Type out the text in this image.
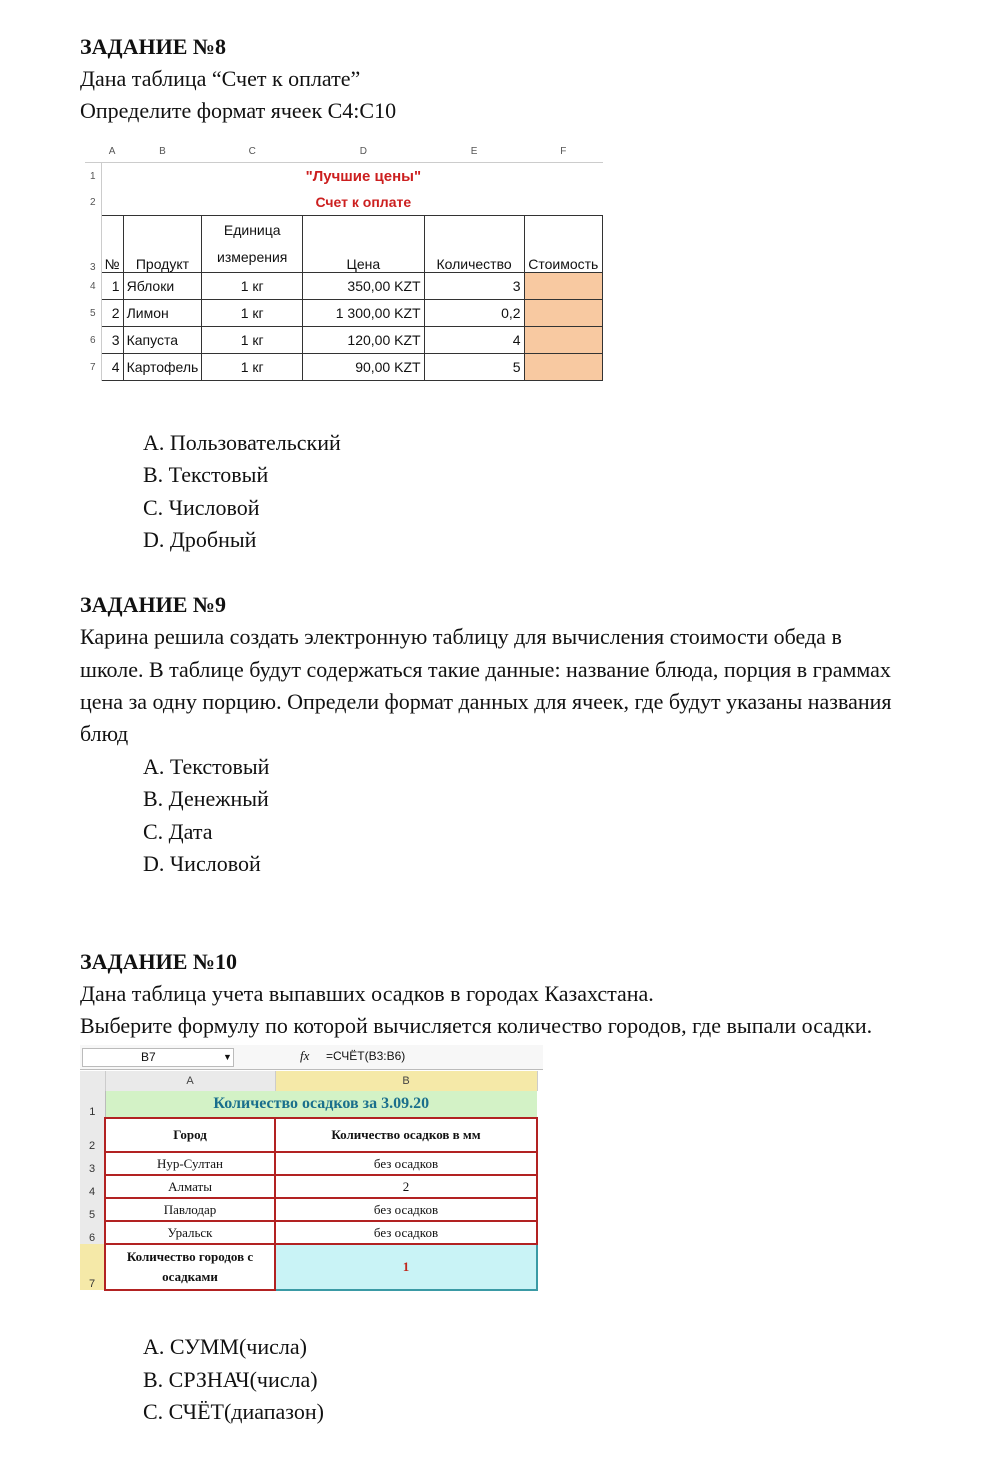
ЗАДАНИЕ №8
Дана таблица “Счет к оплате”
Определите формат ячеек С4:С10
	A	B	C	D	E	F
1				"Лучшие цены"		
2				Счет к оплате		
3	№	Продукт	Единица
измерения	Цена	Количество	Стоимость
4	1	Яблоки	1 кг	350,00 KZT	3	
5	2	Лимон	1 кг	1 300,00 KZT	0,2	
6	3	Капуста	1 кг	120,00 KZT	4	
7	4	Картофель	1 кг	90,00 KZT	5	
A. Пользовательский
B. Текстовый
C. Числовой
D. Дробный
ЗАДАНИЕ №9
Карина решила создать электронную таблицу для вычисления стоимости обеда в
школе. В таблице будут содержаться такие данные: название блюда, порция в граммах
цена за одну порцию. Определи формат данных для ячеек, где будут указаны названия
блюд
A. Текстовый
B. Денежный
C. Дата
D. Числовой
ЗАДАНИЕ №10
Дана таблица учета выпавших осадков в городах Казахстана.
Выберите формулу по которой вычисляется количество городов, где выпали осадки.
B7	▼	fx =СЧЁТ(B3:B6)
	A	B
1	Количество осадков за 3.09.20	
2	Город	Количество осадков в мм
3	Нур-Султан	без осадков
4	Алматы	2
5	Павлодар	без осадков
6	Уральск	без осадков
7	Количество городов с
осадками	1
A. СУММ(числа)
B. СРЗНАЧ(числа)
C. СЧЁТ(диапазон)
